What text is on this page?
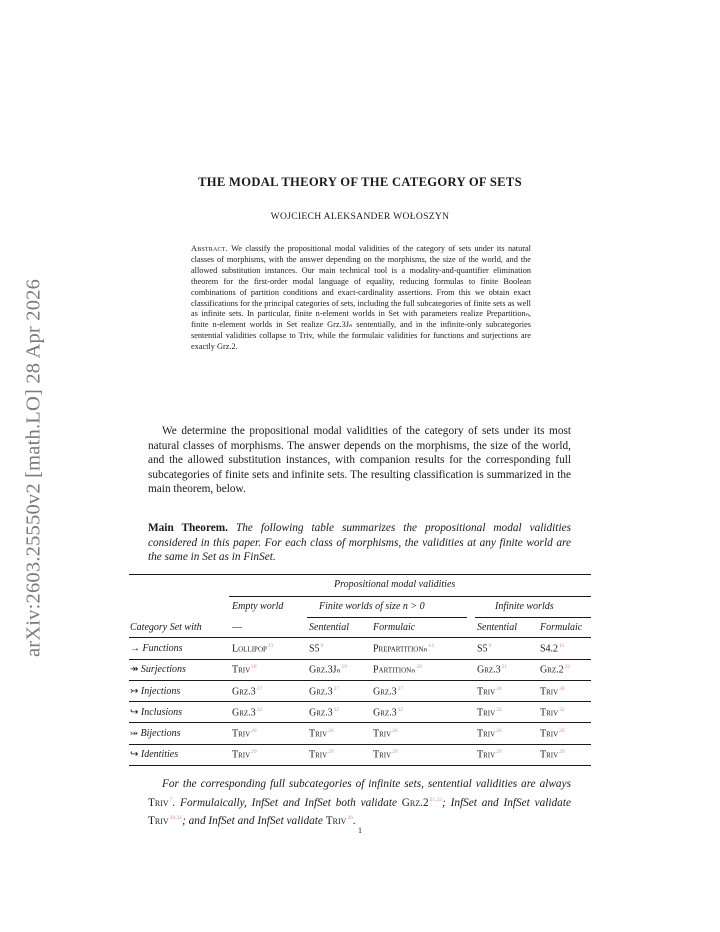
arXiv:2603.25550v2 [math.LO] 28 Apr 2026
THE MODAL THEORY OF THE CATEGORY OF SETS
WOJCIECH ALEKSANDER WOŁOSZYN
Abstract. We classify the propositional modal validities of the category of sets under its natural classes of morphisms, with the answer depending on the morphisms, the size of the world, and the allowed substitution instances. Our main technical tool is a modality-and-quantifier elimination theorem for the first-order modal language of equality, reducing formulas to finite Boolean combinations of partition conditions and exact-cardinality assertions. From this we obtain exact classifications for the principal categories of sets, including the full subcategories of finite sets as well as infinite sets. In particular, finite n-element worlds in Set with parameters realize Prepartitionₙ, finite n-element worlds in Set realize Grz.3Jₙ sententially, and in the infinite-only subcategories sentential validities collapse to Triv, while the formulaic validities for functions and surjections are exactly Grz.2.
We determine the propositional modal validities of the category of sets under its most natural classes of morphisms. The answer depends on the morphisms, the size of the world, and the allowed substitution instances, with companion results for the corresponding full subcategories of finite sets and infinite sets. The resulting classification is summarized in the main theorem, below.
Main Theorem. The following table summarizes the propositional modal validities considered in this paper. For each class of morphisms, the validities at any finite world are the same in Set as in FinSet.
Propositional modal validities
Empty world	Finite worlds of size n > 0	Infinite worlds
Category Set with	—	Sentential Formulaic	Sentential Formulaic
→ Functions	Lollipop$^{23}$	S5$^9$	Prepartitionₙ$^{14}$	S5$^9$	S4.2$^{11}$
↠ Surjections	Triv$^{18}$	Grz.3Jₙ$^{19}$	Partitionₙ$^{20}$	Grz.3$^{21}$	Grz.2$^{22}$
↣ Injections	Grz.3$^{27}$	Grz.3$^{27}$	Grz.3$^{27}$	Triv$^{30}$	Triv$^{30}$
↪ Inclusions	Grz.3$^{32}$	Grz.3$^{32}$	Grz.3$^{32}$	Triv$^{32}$	Triv$^{32}$
⤖ Bijections	Triv$^{26}$	Triv$^{26}$	Triv$^{26}$	Triv$^{26}$	Triv$^{26}$
↪ Identities	Triv$^{29}$	Triv$^{29}$	Triv$^{29}$	Triv$^{29}$	Triv$^{29}$
For the corresponding full subcategories of infinite sets, sentential validities are always Triv$^7$. Formulaically, InfSet and InfSet both validate Grz.2$^{21,22}$; InfSet and InfSet validate Triv$^{30,31}$; and InfSet and InfSet validate Triv$^{26}$.
1
